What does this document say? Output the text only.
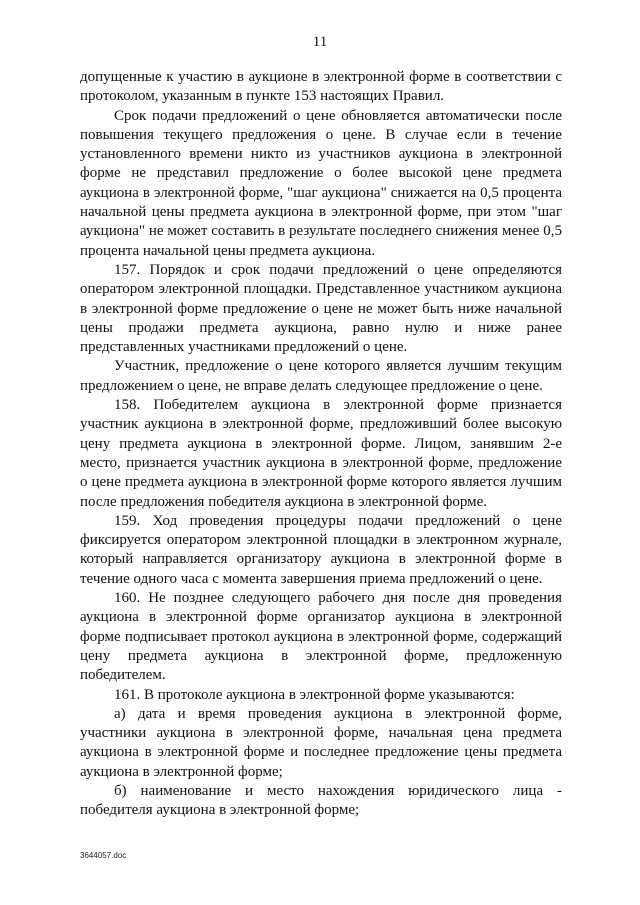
11

допущенные к участию в аукционе в электронной форме в соответствии с протоколом, указанным в пункте 153 настоящих Правил.

Срок подачи предложений о цене обновляется автоматически после повышения текущего предложения о цене. В случае если в течение установленного времени никто из участников аукциона в электронной форме не представил предложение о более высокой цене предмета аукциона в электронной форме, "шаг аукциона" снижается на 0,5 процента начальной цены предмета аукциона в электронной форме, при этом "шаг аукциона" не может составить в результате последнего снижения менее 0,5 процента начальной цены предмета аукциона.

157. Порядок и срок подачи предложений о цене определяются оператором электронной площадки. Представленное участником аукциона в электронной форме предложение о цене не может быть ниже начальной цены продажи предмета аукциона, равно нулю и ниже ранее представленных участниками предложений о цене.

Участник, предложение о цене которого является лучшим текущим предложением о цене, не вправе делать следующее предложение о цене.

158. Победителем аукциона в электронной форме признается участник аукциона в электронной форме, предложивший более высокую цену предмета аукциона в электронной форме. Лицом, занявшим 2-е место, признается участник аукциона в электронной форме, предложение о цене предмета аукциона в электронной форме которого является лучшим после предложения победителя аукциона в электронной форме.

159. Ход проведения процедуры подачи предложений о цене фиксируется оператором электронной площадки в электронном журнале, который направляется организатору аукциона в электронной форме в течение одного часа с момента завершения приема предложений о цене.

160. Не позднее следующего рабочего дня после дня проведения аукциона в электронной форме организатор аукциона в электронной форме подписывает протокол аукциона в электронной форме, содержащий цену предмета аукциона в электронной форме, предложенную победителем.

161. В протоколе аукциона в электронной форме указываются:

а) дата и время проведения аукциона в электронной форме, участники аукциона в электронной форме, начальная цена предмета аукциона в электронной форме и последнее предложение цены предмета аукциона в электронной форме;

б) наименование и место нахождения юридического лица - победителя аукциона в электронной форме;

3644057.doc
